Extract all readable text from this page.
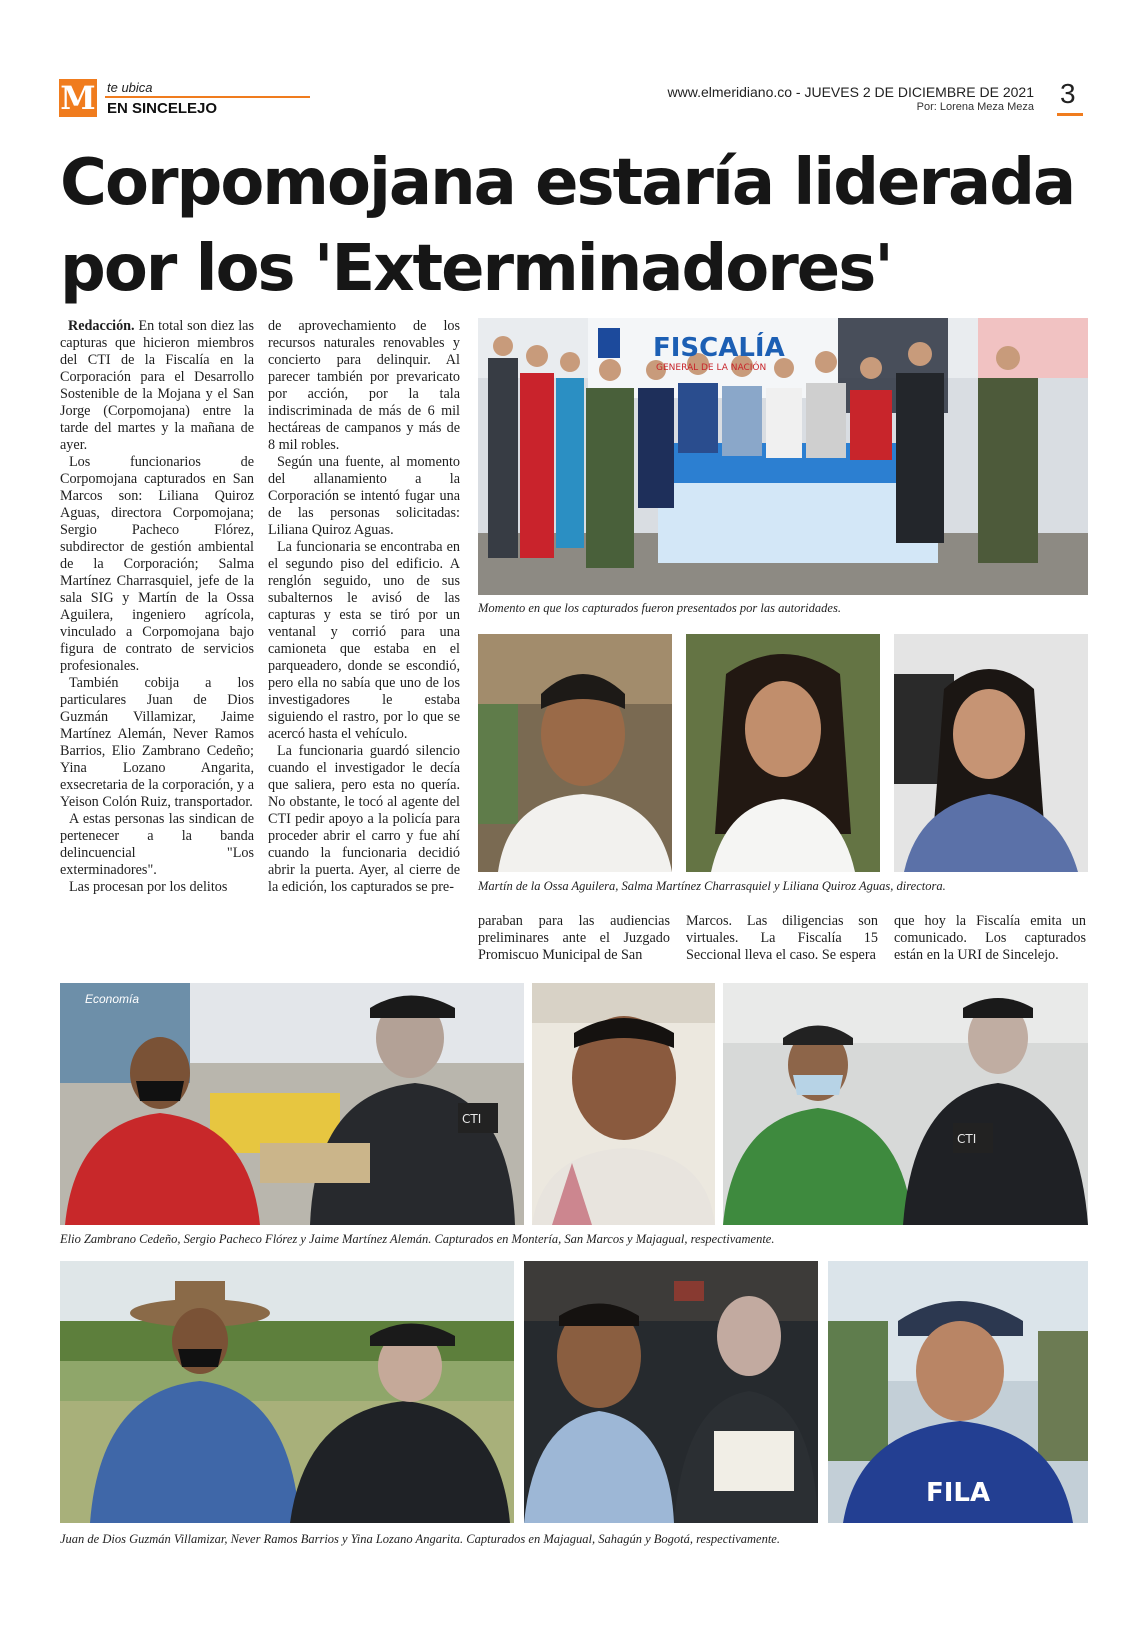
M te ubica
EN SINCELEJO
www.elmeridiano.co - JUEVES 2 DE DICIEMBRE DE 2021
Por: Lorena Meza Meza 3
Corpomojana estaría liderada
por los 'Exterminadores'

Redacción. En total son diez las capturas que hicieron miembros del CTI de la Fiscalía en la Corporación para el Desarrollo Sostenible de la Mojana y el San Jorge (Corpomojana) entre la tarde del martes y la mañana de ayer.

Los funcionarios de Corpomojana capturados en San Marcos son: Liliana Quiroz Aguas, directora Corpomojana; Sergio Pacheco Flórez, subdirector de gestión ambiental de la Corporación; Salma Martínez Charrasquiel, jefe de la sala SIG y Martín de la Ossa Aguilera, ingeniero agrícola, vinculado a Corpomojana bajo figura de contrato de servicios profesionales.

También cobija a los particulares Juan de Dios Guzmán Villamizar, Jaime Martínez Alemán, Never Ramos Barrios, Elio Zambrano Cedeño; Yina Lozano Angarita, exsecretaria de la corporación, y a Yeison Colón Ruiz, transportador.

A estas personas las sindican de pertenecer a la banda delincuencial "Los exterminadores".

Las procesan por los delitos

de aprovechamiento de los recursos naturales renovables y concierto para delinquir. Al parecer también por prevaricato por acción, por la tala indiscriminada de más de 6 mil hectáreas de campanos y más de 8 mil robles.

Según una fuente, al momento del allanamiento a la Corporación se intentó fugar una de las personas solicitadas: Liliana Quiroz Aguas.

La funcionaria se encontraba en el segundo piso del edificio. A renglón seguido, uno de sus subalternos le avisó de las capturas y esta se tiró por un ventanal y corrió para una camioneta que estaba en el parqueadero, donde se escondió, pero ella no sabía que uno de los investigadores le estaba siguiendo el rastro, por lo que se acercó hasta el vehículo.

La funcionaria guardó silencio cuando el investigador le decía que saliera, pero esta no quería. No obstante, le tocó al agente del CTI pedir apoyo a la policía para proceder abrir el carro y fue ahí cuando la funcionaria decidió abrir la puerta. Ayer, al cierre de la edición, los capturados se pre-

FISCALÍA
GENERAL DE LA NACIÓN
Momento en que los capturados fueron presentados por las autoridades.
Martín de la Ossa Aguilera, Salma Martínez Charrasquiel y Liliana Quiroz Aguas, directora.
paraban para las audiencias preliminares ante el Juzgado Promiscuo Municipal de San
Marcos. Las diligencias son virtuales. La Fiscalía 15 Seccional lleva el caso. Se espera
que hoy la Fiscalía emita un comunicado. Los capturados están en la URI de Sincelejo.
Economía
CTI
CTI
Elio Zambrano Cedeño, Sergio Pacheco Flórez y Jaime Martínez Alemán. Capturados en Montería, San Marcos y Majagual, respectivamente.
FILA
Juan de Dios Guzmán Villamizar, Never Ramos Barrios y Yina Lozano Angarita. Capturados en Majagual, Sahagún y Bogotá, respectivamente.
